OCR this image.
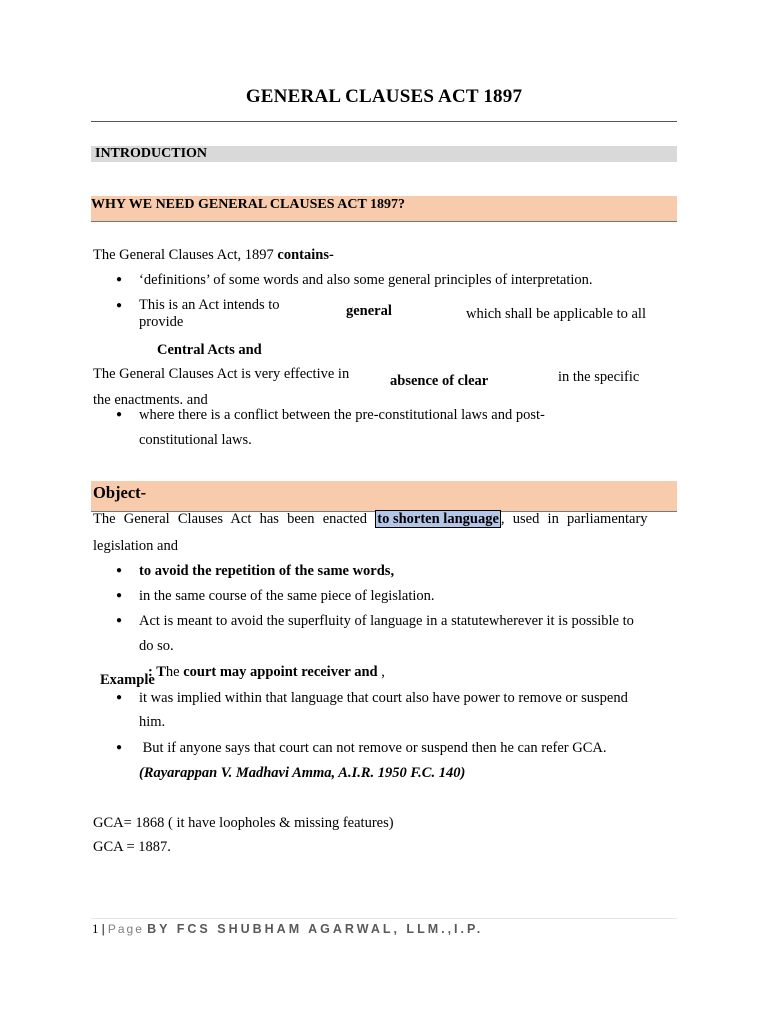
GENERAL CLAUSES ACT 1897
INTRODUCTION
WHY WE NEED GENERAL CLAUSES ACT 1897?
The General Clauses Act, 1897 contains-
● ‘definitions’ of some words and also some general principles of interpretation.
● This is an Act intends to provide
general	which shall be applicable to all
Central Acts and
The General Clauses Act is very effective in	absence of clear	in the specific
the enactments. and
● where there is a conflict between the pre-constitutional laws and post-
constitutional laws.
Object-
The General Clauses Act has been enacted to shorten language , used in parliamentary
legislation and
● to avoid the repetition of the same words,
● in the same course of the same piece of legislation.
● Act is meant to avoid the superfluity of language in a statutewherever it is possible to
do so.
Example
: The court may appoint receiver and ,
● it was implied within that language that court also have power to remove or suspend
him.
● But if anyone says that court can not remove or suspend then he can refer GCA.
(Rayarappan V. Madhavi Amma, A.I.R. 1950 F.C. 140)
GCA= 1868 ( it have loopholes & missing features)
GCA = 1887.
1 | Page BY FCS SHUBHAM AGARWAL, LLM.,I.P.
